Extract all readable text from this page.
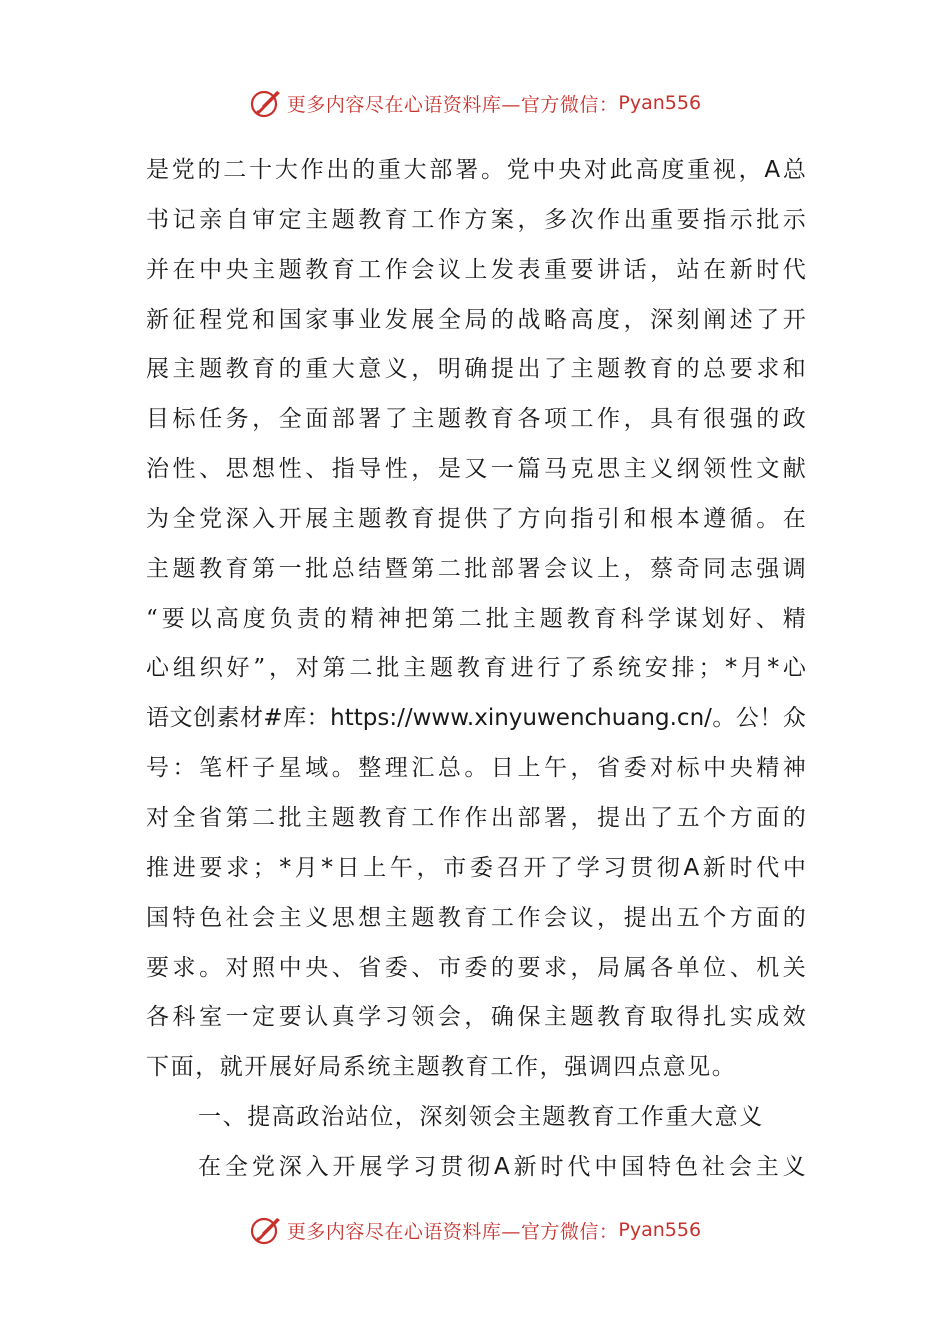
更多内容尽在心语资料库—官方微信： Pyan556
是 党 的 二 十 大 作 出 的 重 大 部 署 。 党 中 央 对 此 高 度 重 视 ， A 总
书 记 亲 自 审 定 主 题 教 育 工 作 方 案 ， 多 次 作 出 重 要 指 示 批 示
并 在 中 央 主 题 教 育 工 作 会 议 上 发 表 重 要 讲 话 ， 站 在 新 时 代
新 征 程 党 和 国 家 事 业 发 展 全 局 的 战 略 高 度 ， 深 刻 阐 述 了 开
展 主 题 教 育 的 重 大 意 义 ， 明 确 提 出 了 主 题 教 育 的 总 要 求 和
目 标 任 务 ， 全 面 部 署 了 主 题 教 育 各 项 工 作 ， 具 有 很 强 的 政
治 性 、 思 想 性 、 指 导 性 ， 是 又 一 篇 马 克 思 主 义 纲 领 性 文 献
为 全 党 深 入 开 展 主 题 教 育 提 供 了 方 向 指 引 和 根 本 遵 循 。 在
主 题 教 育 第 一 批 总 结 暨 第 二 批 部 署 会 议 上 ， 蔡 奇 同 志 强 调
“ 要 以 高 度 负 责 的 精 神 把 第 二 批 主 题 教 育 科 学 谋 划 好 、 精
心 组 织 好 ” ， 对 第 二 批 主 题 教 育 进 行 了 系 统 安 排 ； * 月 * 心
语 文 创 素 材 # 库 ： https://www.xinyuwenchuang.cn/ 。 公 ！ 众
号 ： 笔 杆 子 星 域 。 整 理 汇 总 。 日 上 午 ， 省 委 对 标 中 央 精 神
对 全 省 第 二 批 主 题 教 育 工 作 作 出 部 署 ， 提 出 了 五 个 方 面 的
推 进 要 求 ； * 月 * 日 上 午 ， 市 委 召 开 了 学 习 贯 彻 A 新 时 代 中
国 特 色 社 会 主 义 思 想 主 题 教 育 工 作 会 议 ， 提 出 五 个 方 面 的
要 求 。 对 照 中 央 、 省 委 、 市 委 的 要 求 ， 局 属 各 单 位 、 机 关
各 科 室 一 定 要 认 真 学 习 领 会 ， 确 保 主 题 教 育 取 得 扎 实 成 效
下面，就开展好局系统主题教育工作，强调四点意见。
一、提高政治站位，深刻领会主题教育工作重大意义
在 全 党 深 入 开 展 学 习 贯 彻 A 新 时 代 中 国 特 色 社 会 主 义
更多内容尽在心语资料库—官方微信： Pyan556
